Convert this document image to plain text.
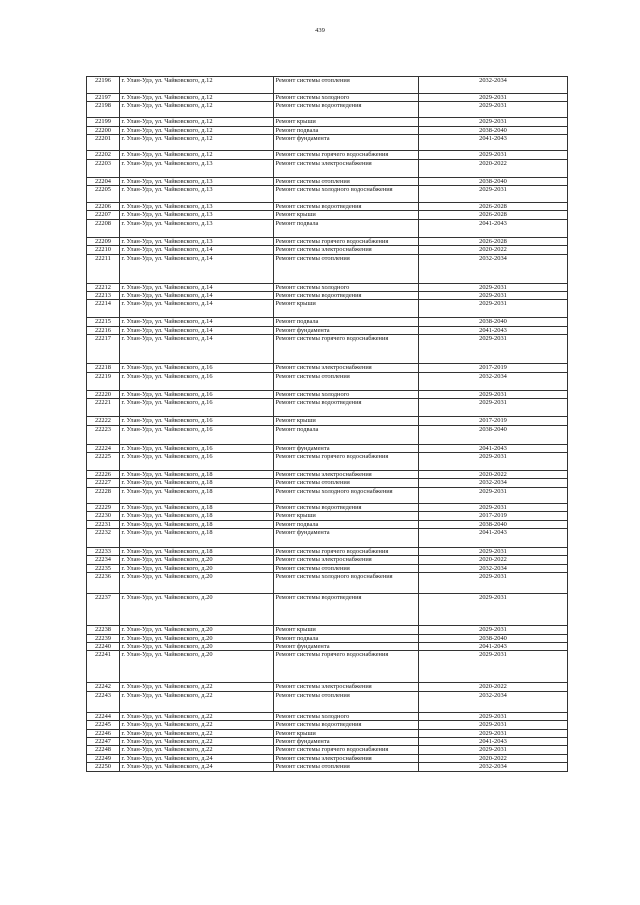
439
22196	г. Улан-Удэ, ул. Чайковского, д.12	Ремонт системы отопления	2032-2034
22197	г. Улан-Удэ, ул. Чайковского, д.12	Ремонт системы холодного	2029-2031
22198	г. Улан-Удэ, ул. Чайковского, д.12	Ремонт системы водоотведения	2029-2031
22199	г. Улан-Удэ, ул. Чайковского, д.12	Ремонт крыши	2029-2031
22200	г. Улан-Удэ, ул. Чайковского, д.12	Ремонт подвала	2038-2040
22201	г. Улан-Удэ, ул. Чайковского, д.12	Ремонт фундамента	2041-2043
22202	г. Улан-Удэ, ул. Чайковского, д.12	Ремонт системы горячего водоснабжения	2029-2031
22203	г. Улан-Удэ, ул. Чайковского, д.13	Ремонт системы электроснабжения	2020-2022
22204	г. Улан-Удэ, ул. Чайковского, д.13	Ремонт системы отопления	2038-2040
22205	г. Улан-Удэ, ул. Чайковского, д.13	Ремонт системы холодного водоснабжения	2029-2031
22206	г. Улан-Удэ, ул. Чайковского, д.13	Ремонт системы водоотведения	2026-2028
22207	г. Улан-Удэ, ул. Чайковского, д.13	Ремонт крыши	2026-2028
22208	г. Улан-Удэ, ул. Чайковского, д.13	Ремонт подвала	2041-2043
22209	г. Улан-Удэ, ул. Чайковского, д.13	Ремонт системы горячего водоснабжения	2026-2028
22210	г. Улан-Удэ, ул. Чайковского, д.14	Ремонт системы электроснабжения	2020-2022
22211	г. Улан-Удэ, ул. Чайковского, д.14	Ремонт системы отопления	2032-2034
22212	г. Улан-Удэ, ул. Чайковского, д.14	Ремонт системы холодного	2029-2031
22213	г. Улан-Удэ, ул. Чайковского, д.14	Ремонт системы водоотведения	2029-2031
22214	г. Улан-Удэ, ул. Чайковского, д.14	Ремонт крыши	2029-2031
22215	г. Улан-Удэ, ул. Чайковского, д.14	Ремонт подвала	2038-2040
22216	г. Улан-Удэ, ул. Чайковского, д.14	Ремонт фундамента	2041-2043
22217	г. Улан-Удэ, ул. Чайковского, д.14	Ремонт системы горячего водоснабжения	2029-2031
22218	г. Улан-Удэ, ул. Чайковского, д.16	Ремонт системы электроснабжения	2017-2019
22219	г. Улан-Удэ, ул. Чайковского, д.16	Ремонт системы отопления	2032-2034
22220	г. Улан-Удэ, ул. Чайковского, д.16	Ремонт системы холодного	2029-2031
22221	г. Улан-Удэ, ул. Чайковского, д.16	Ремонт системы водоотведения	2029-2031
22222	г. Улан-Удэ, ул. Чайковского, д.16	Ремонт крыши	2017-2019
22223	г. Улан-Удэ, ул. Чайковского, д.16	Ремонт подвала	2038-2040
22224	г. Улан-Удэ, ул. Чайковского, д.16	Ремонт фундамента	2041-2043
22225	г. Улан-Удэ, ул. Чайковского, д.16	Ремонт системы горячего водоснабжения	2029-2031
22226	г. Улан-Удэ, ул. Чайковского, д.18	Ремонт системы электроснабжения	2020-2022
22227	г. Улан-Удэ, ул. Чайковского, д.18	Ремонт системы отопления	2032-2034
22228	г. Улан-Удэ, ул. Чайковского, д.18	Ремонт системы холодного водоснабжения	2029-2031
22229	г. Улан-Удэ, ул. Чайковского, д.18	Ремонт системы водоотведения	2029-2031
22230	г. Улан-Удэ, ул. Чайковского, д.18	Ремонт крыши	2017-2019
22231	г. Улан-Удэ, ул. Чайковского, д.18	Ремонт подвала	2038-2040
22232	г. Улан-Удэ, ул. Чайковского, д.18	Ремонт фундамента	2041-2043
22233	г. Улан-Удэ, ул. Чайковского, д.18	Ремонт системы горячего водоснабжения	2029-2031
22234	г. Улан-Удэ, ул. Чайковского, д.20	Ремонт системы электроснабжения	2020-2022
22235	г. Улан-Удэ, ул. Чайковского, д.20	Ремонт системы отопления	2032-2034
22236	г. Улан-Удэ, ул. Чайковского, д.20	Ремонт системы холодного водоснабжения	2029-2031
22237	г. Улан-Удэ, ул. Чайковского, д.20	Ремонт системы водоотведения	2029-2031
22238	г. Улан-Удэ, ул. Чайковского, д.20	Ремонт крыши	2029-2031
22239	г. Улан-Удэ, ул. Чайковского, д.20	Ремонт подвала	2038-2040
22240	г. Улан-Удэ, ул. Чайковского, д.20	Ремонт фундамента	2041-2043
22241	г. Улан-Удэ, ул. Чайковского, д.20	Ремонт системы горячего водоснабжения	2029-2031
22242	г. Улан-Удэ, ул. Чайковского, д.22	Ремонт системы электроснабжения	2020-2022
22243	г. Улан-Удэ, ул. Чайковского, д.22	Ремонт системы отопления	2032-2034
22244	г. Улан-Удэ, ул. Чайковского, д.22	Ремонт системы холодного	2029-2031
22245	г. Улан-Удэ, ул. Чайковского, д.22	Ремонт системы водоотведения	2029-2031
22246	г. Улан-Удэ, ул. Чайковского, д.22	Ремонт крыши	2029-2031
22247	г. Улан-Удэ, ул. Чайковского, д.22	Ремонт фундамента	2041-2043
22248	г. Улан-Удэ, ул. Чайковского, д.22	Ремонт системы горячего водоснабжения	2029-2031
22249	г. Улан-Удэ, ул. Чайковского, д.24	Ремонт системы электроснабжения	2020-2022
22250	г. Улан-Удэ, ул. Чайковского, д.24	Ремонт системы отопления	2032-2034
